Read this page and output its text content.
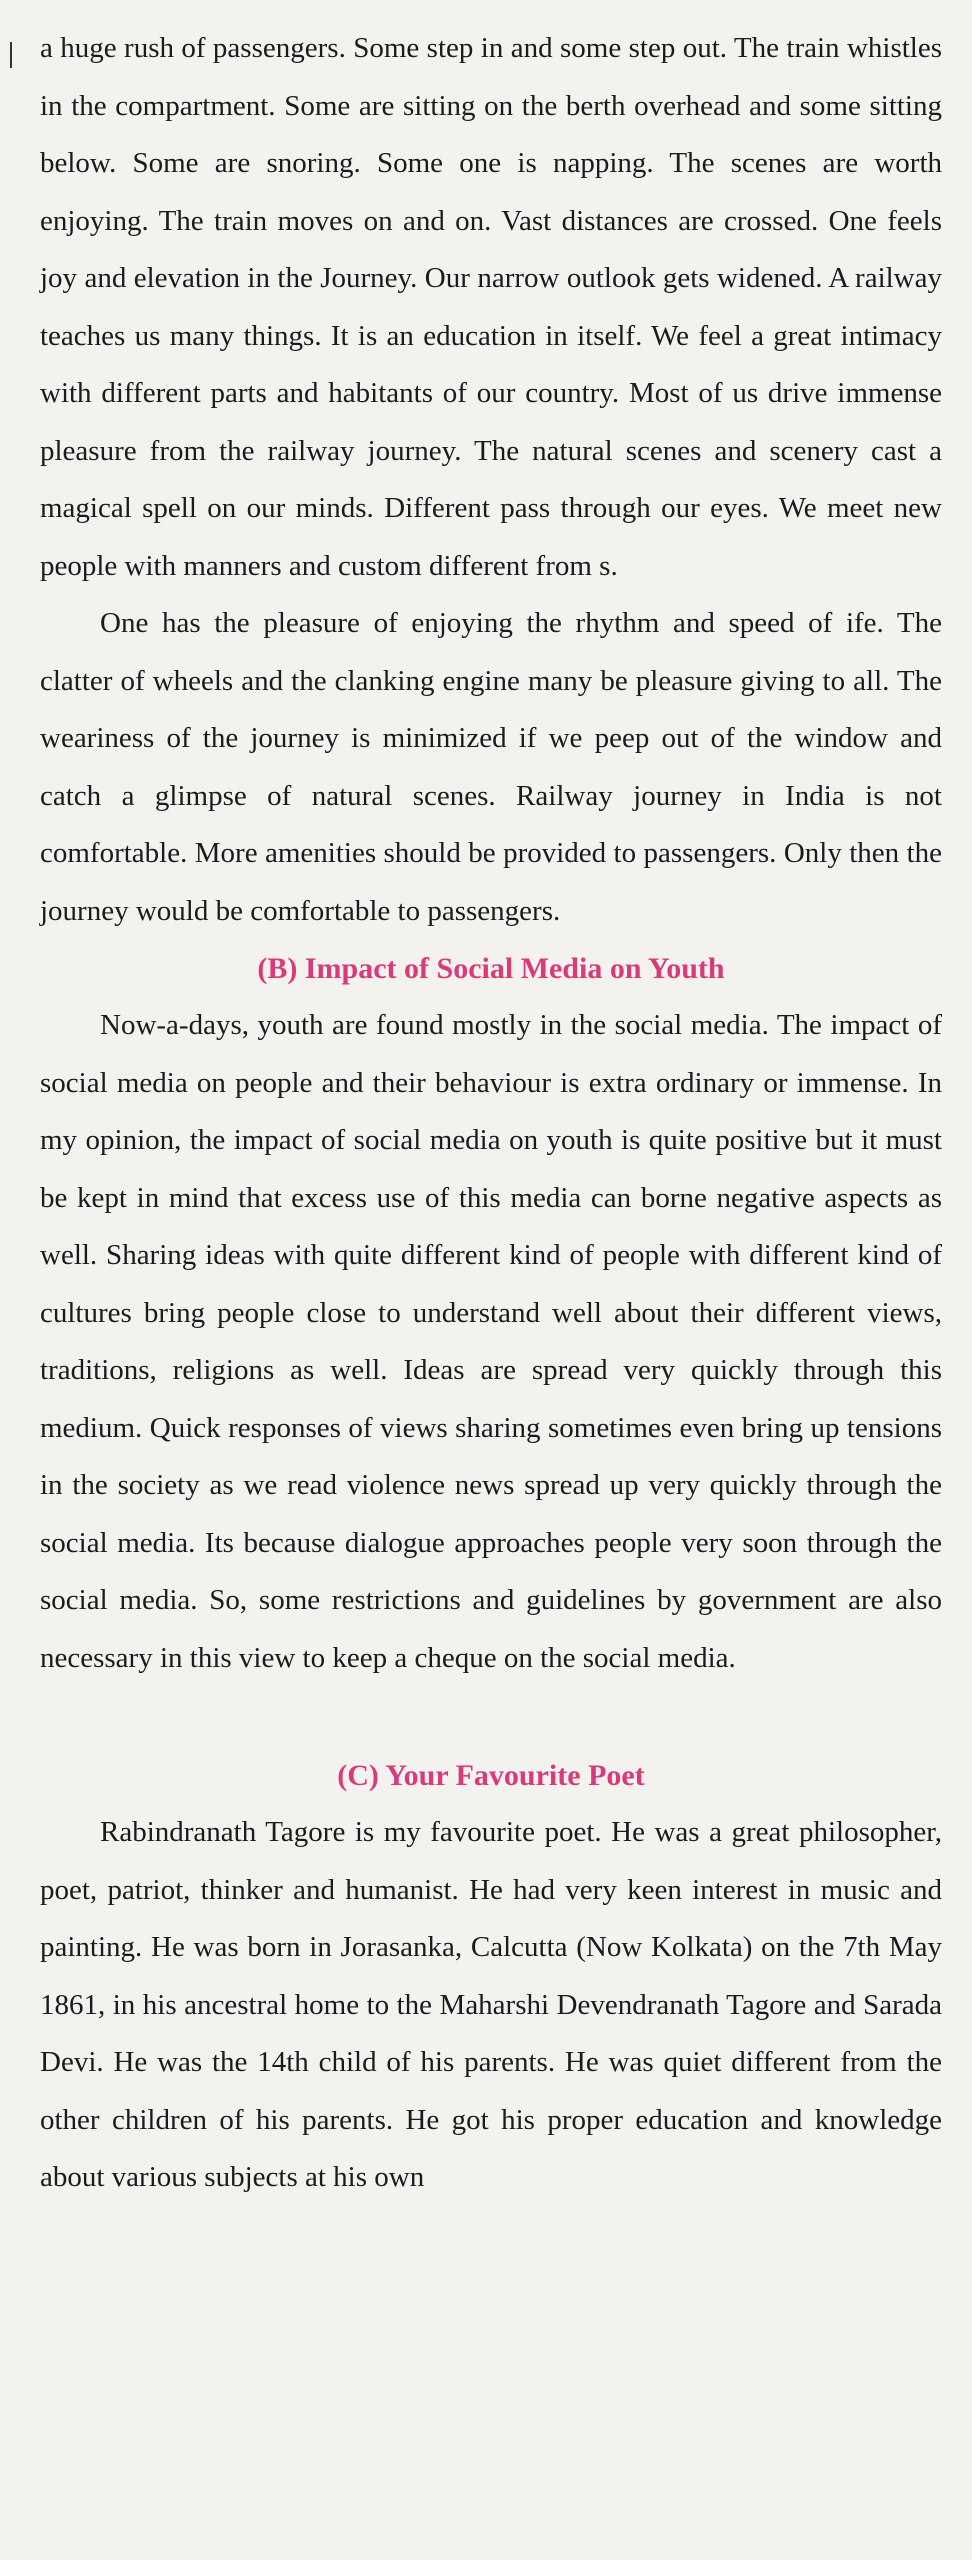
a huge rush of passengers. Some step in and some step out. The train whistles in the compartment. Some are sitting on the berth overhead and some sitting below. Some are snoring. Some one is napping. The scenes are worth enjoying. The train moves on and on. Vast distances are crossed. One feels joy and elevation in the Journey. Our narrow outlook gets widened. A railway teaches us many things. It is an education in itself. We feel a great intimacy with different parts and habitants of our country. Most of us drive immense pleasure from the railway journey. The natural scenes and scenery cast a magical spell on our minds. Different pass through our eyes. We meet new people with manners and custom different from s.

One has the pleasure of enjoying the rhythm and speed of ife. The clatter of wheels and the clanking engine many be pleasure giving to all. The weariness of the journey is minimized if we peep out of the window and catch a glimpse of natural scenes. Railway journey in India is not comfortable. More amenities should be provided to passengers. Only then the journey would be comfortable to passengers.

(B) Impact of Social Media on Youth

Now-a-days, youth are found mostly in the social media. The impact of social media on people and their behaviour is extra ordinary or immense. In my opinion, the impact of social media on youth is quite positive but it must be kept in mind that excess use of this media can borne negative aspects as well. Sharing ideas with quite different kind of people with different kind of cultures bring people close to understand well about their different views, traditions, religions as well. Ideas are spread very quickly through this medium. Quick responses of views sharing sometimes even bring up tensions in the society as we read violence news spread up very quickly through the social media. Its because dialogue approaches people very soon through the social media. So, some restrictions and guidelines by government are also necessary in this view to keep a cheque on the social media.

(C) Your Favourite Poet

Rabindranath Tagore is my favourite poet. He was a great philosopher, poet, patriot, thinker and humanist. He had very keen interest in music and painting. He was born in Jorasanka, Calcutta (Now Kolkata) on the 7th May 1861, in his ancestral home to the Maharshi Devendranath Tagore and Sarada Devi. He was the 14th child of his parents. He was quiet different from the other children of his parents. He got his proper education and knowledge about various subjects at his own
